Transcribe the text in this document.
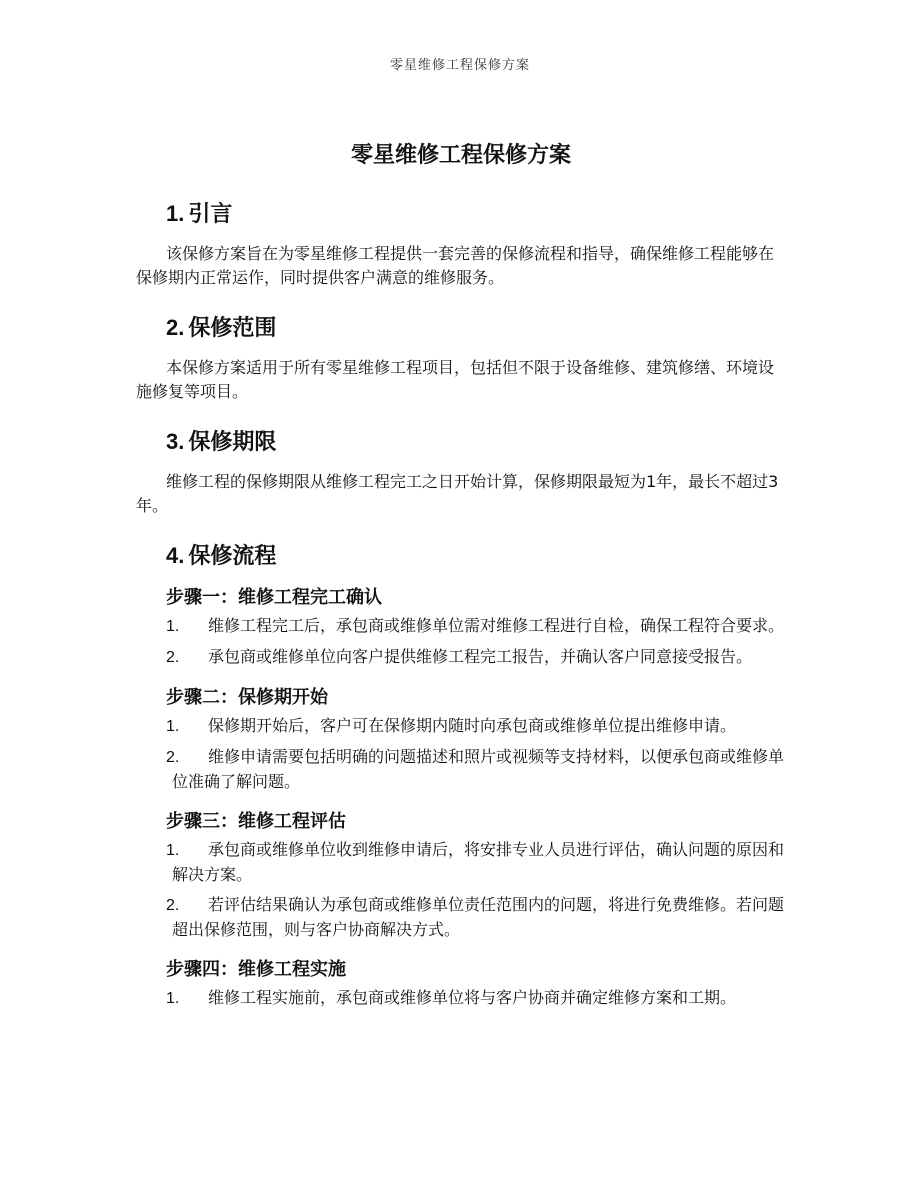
零星维修工程保修方案
零星维修工程保修方案
1. 引言

该保修方案旨在为零星维修工程提供一套完善的保修流程和指导，确保维修工程能够在保修期内正常运作，同时提供客户满意的维修服务。

2. 保修范围

本保修方案适用于所有零星维修工程项目，包括但不限于设备维修、建筑修缮、环境设施修复等项目。

3. 保修期限

维修工程的保修期限从维修工程完工之日开始计算，保修期限最短为1年，最长不超过3年。

4. 保修流程
步骤一：维修工程完工确认
1. 维修工程完工后，承包商或维修单位需对维修工程进行自检，确保工程符合要求。
2. 承包商或维修单位向客户提供维修工程完工报告，并确认客户同意接受报告。
步骤二：保修期开始
1. 保修期开始后，客户可在保修期内随时向承包商或维修单位提出维修申请。
2. 维修申请需要包括明确的问题描述和照片或视频等支持材料，以便承包商或维修单位准确了解问题。
步骤三：维修工程评估
1. 承包商或维修单位收到维修申请后，将安排专业人员进行评估，确认问题的原因和解决方案。
2. 若评估结果确认为承包商或维修单位责任范围内的问题，将进行免费维修。若问题超出保修范围，则与客户协商解决方式。
步骤四：维修工程实施
1. 维修工程实施前，承包商或维修单位将与客户协商并确定维修方案和工期。
